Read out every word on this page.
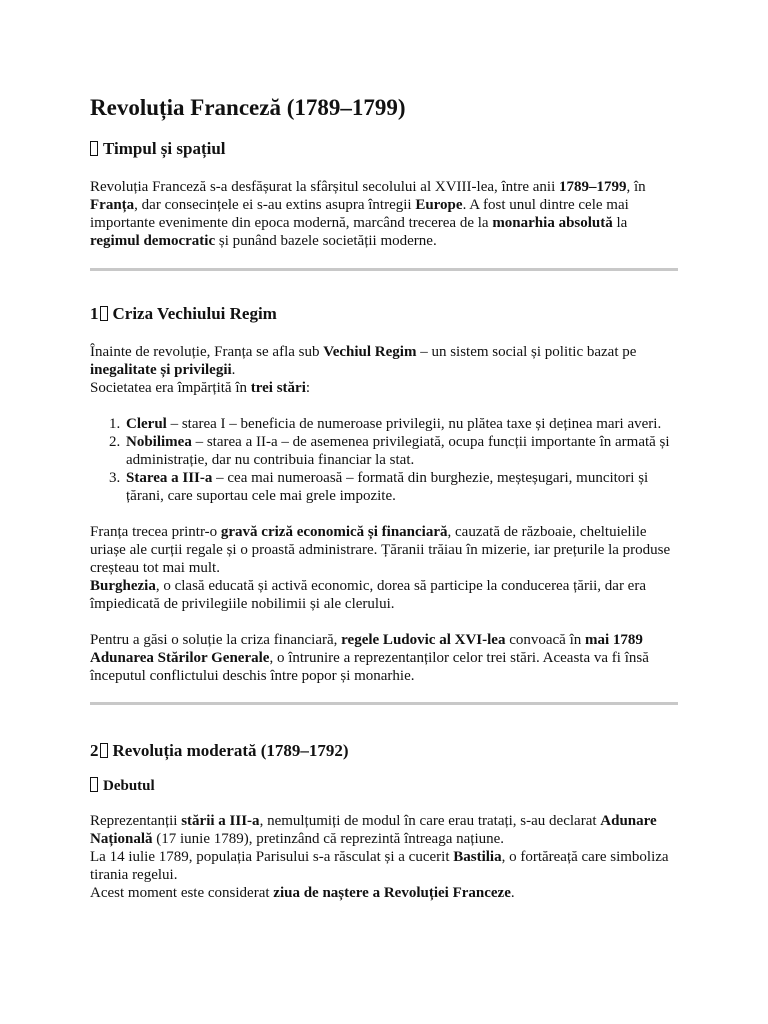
Revoluția Franceză (1789–1799)
Timpul și spațiul

Revoluția Franceză s-a desfășurat la sfârșitul secolului al XVIII-lea, între anii 1789–1799, în Franța, dar consecințele ei s-au extins asupra întregii Europe. A fost unul dintre cele mai importante evenimente din epoca modernă, marcând trecerea de la monarhia absolută la regimul democratic și punând bazele societății moderne.

1 Criza Vechiului Regim

Înainte de revoluție, Franța se afla sub Vechiul Regim – un sistem social și politic bazat pe inegalitate și privilegii.
Societatea era împărțită în trei stări:

1. Clerul – starea I – beneficia de numeroase privilegii, nu plătea taxe și deținea mari averi.
2. Nobilimea – starea a II-a – de asemenea privilegiată, ocupa funcții importante în armată și administrație, dar nu contribuia financiar la stat.
3. Starea a III-a – cea mai numeroasă – formată din burghezie, meșteșugari, muncitori și țărani, care suportau cele mai grele impozite.

Franța trecea printr-o gravă criză economică și financiară, cauzată de războaie, cheltuielile uriașe ale curții regale și o proastă administrare. Țăranii trăiau în mizerie, iar prețurile la produse creșteau tot mai mult.
Burghezia, o clasă educată și activă economic, dorea să participe la conducerea țării, dar era împiedicată de privilegiile nobilimii și ale clerului.

Pentru a găsi o soluție la criza financiară, regele Ludovic al XVI-lea convoacă în mai 1789 Adunarea Stărilor Generale, o întrunire a reprezentanților celor trei stări. Aceasta va fi însă începutul conflictului deschis între popor și monarhie.

2 Revoluția moderată (1789–1792)
Debutul

Reprezentanții stării a III-a, nemulțumiți de modul în care erau tratați, s-au declarat Adunare Națională (17 iunie 1789), pretinzând că reprezintă întreaga națiune.
La 14 iulie 1789, populația Parisului s-a răsculat și a cucerit Bastilia, o fortăreață care simboliza tirania regelui.
Acest moment este considerat ziua de naștere a Revoluției Franceze.
